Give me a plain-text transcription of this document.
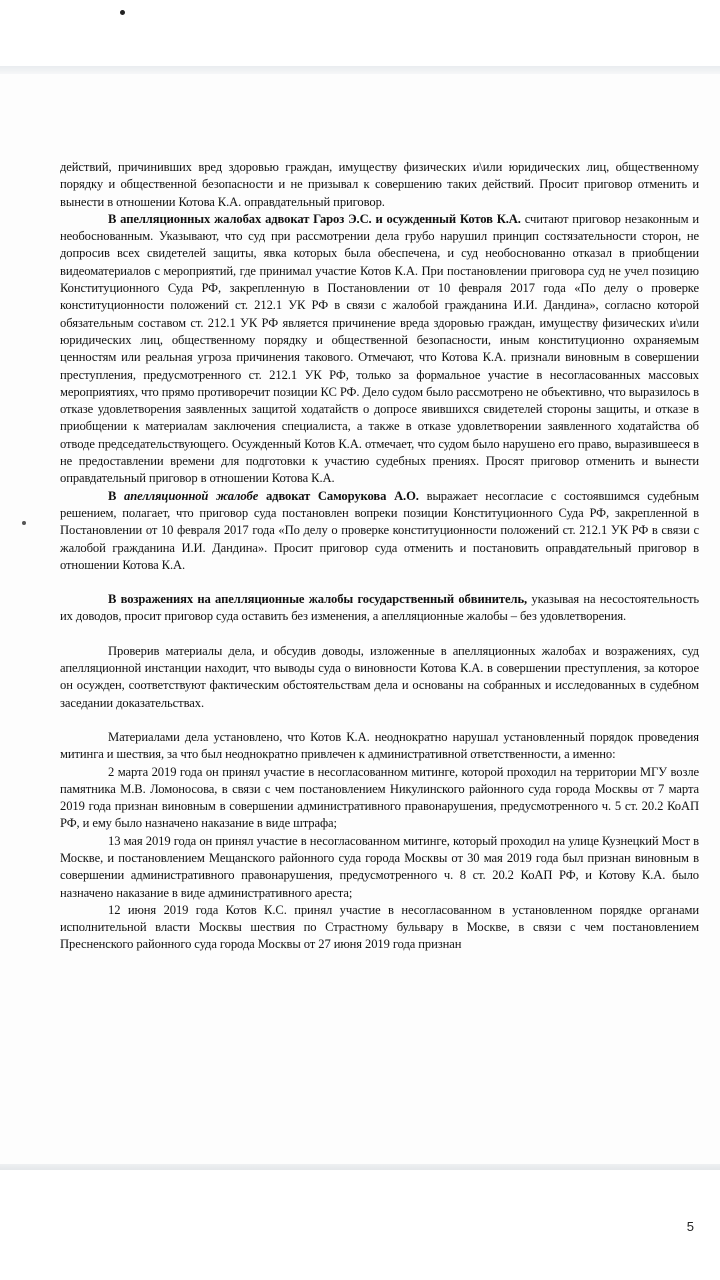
действий, причинивших вред здоровью граждан, имуществу физических и\или юридических лиц, общественному порядку и общественной безопасности и не призывал к совершению таких действий. Просит приговор отменить и вынести в отношении Котова К.А. оправдательный приговор.

В апелляционных жалобах адвокат Гароз Э.С. и осужденный Котов К.А. считают приговор незаконным и необоснованным. Указывают, что суд при рассмотрении дела грубо нарушил принцип состязательности сторон, не допросив всех свидетелей защиты, явка которых была обеспечена, и суд необоснованно отказал в приобщении видеоматериалов с мероприятий, где принимал участие Котов К.А. При постановлении приговора суд не учел позицию Конституционного Суда РФ, закрепленную в Постановлении от 10 февраля 2017 года «По делу о проверке конституционности положений ст. 212.1 УК РФ в связи с жалобой гражданина И.И. Дандина», согласно которой обязательным составом ст. 212.1 УК РФ является причинение вреда здоровью граждан, имуществу физических и\или юридических лиц, общественному порядку и общественной безопасности, иным конституционно охраняемым ценностям или реальная угроза причинения такового. Отмечают, что Котова К.А. признали виновным в совершении преступления, предусмотренного ст. 212.1 УК РФ, только за формальное участие в несогласованных массовых мероприятиях, что прямо противоречит позиции КС РФ. Дело судом было рассмотрено не объективно, что выразилось в отказе удовлетворения заявленных защитой ходатайств о допросе явившихся свидетелей стороны защиты, и отказе в приобщении к материалам заключения специалиста, а также в отказе удовлетворении заявленного ходатайства об отводе председательствующего. Осужденный Котов К.А. отмечает, что судом было нарушено его право, выразившееся в не предоставлении времени для подготовки к участию судебных прениях. Просят приговор отменить и вынести оправдательный приговор в отношении Котова К.А.

В апелляционной жалобе адвокат Саморукова А.О. выражает несогласие с состоявшимся судебным решением, полагает, что приговор суда постановлен вопреки позиции Конституционного Суда РФ, закрепленной в Постановлении от 10 февраля 2017 года «По делу о проверке конституционности положений ст. 212.1 УК РФ в связи с жалобой гражданина И.И. Дандина». Просит приговор суда отменить и постановить оправдательный приговор в отношении Котова К.А.

В возражениях на апелляционные жалобы государственный обвинитель, указывая на несостоятельность их доводов, просит приговор суда оставить без изменения, а апелляционные жалобы – без удовлетворения.

Проверив материалы дела, и обсудив доводы, изложенные в апелляционных жалобах и возражениях, суд апелляционной инстанции находит, что выводы суда о виновности Котова К.А. в совершении преступления, за которое он осужден, соответствуют фактическим обстоятельствам дела и основаны на собранных и исследованных в судебном заседании доказательствах.

Материалами дела установлено, что Котов К.А. неоднократно нарушал установленный порядок проведения митинга и шествия, за что был неоднократно привлечен к административной ответственности, а именно:

2 марта 2019 года он принял участие в несогласованном митинге, которой проходил на территории МГУ возле памятника М.В. Ломоносова, в связи с чем постановлением Никулинского районного суда города Москвы от 7 марта 2019 года признан виновным в совершении административного правонарушения, предусмотренного ч. 5 ст. 20.2 КоАП РФ, и ему было назначено наказание в виде штрафа;

13 мая 2019 года он принял участие в несогласованном митинге, который проходил на улице Кузнецкий Мост в Москве, и постановлением Мещанского районного суда города Москвы от 30 мая 2019 года был признан виновным в совершении административного правонарушения, предусмотренного ч. 8 ст. 20.2 КоАП РФ, и Котову К.А. было назначено наказание в виде административного ареста;

12 июня 2019 года Котов К.С. принял участие в несогласованном в установленном порядке органами исполнительной власти Москвы шествия по Страстному бульвару в Москве, в связи с чем постановлением Пресненского районного суда города Москвы от 27 июня 2019 года признан

5
